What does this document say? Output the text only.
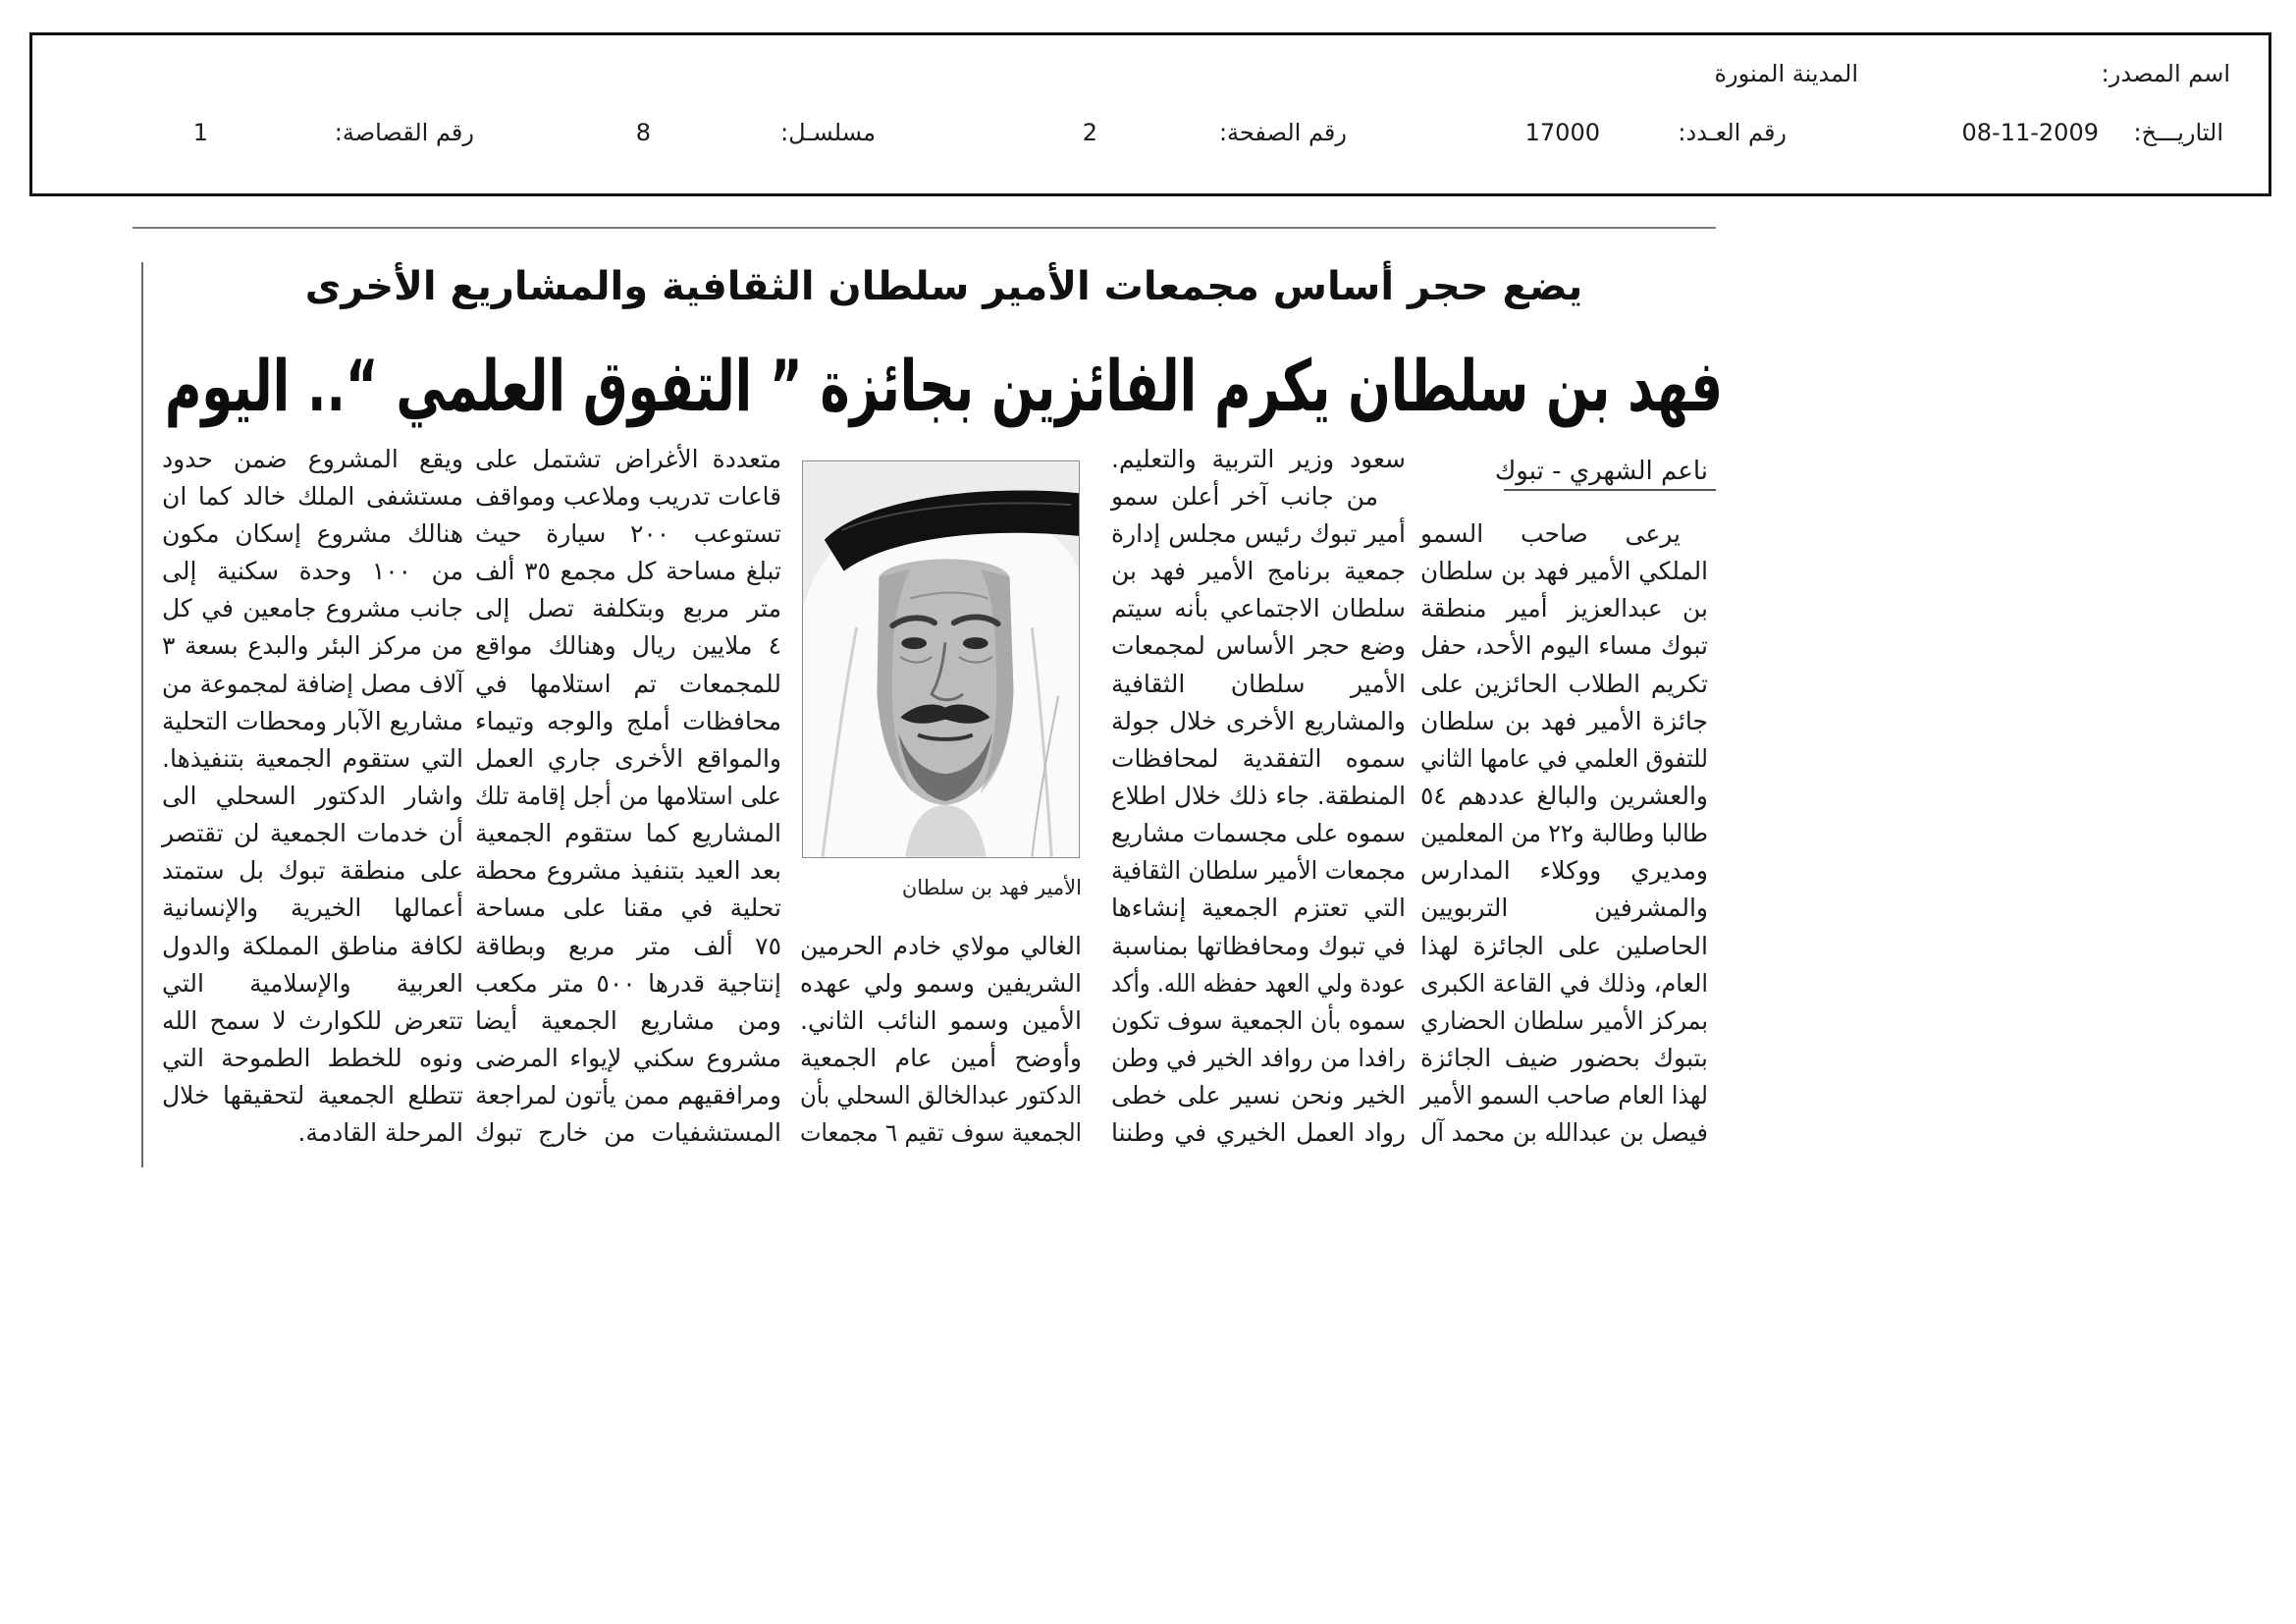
اسم المصدر:
المدينة المنورة
التاريـــخ:
08-11-2009
رقم العـدد:
17000
رقم الصفحة:
2
مسلسـل:
8
رقم القصاصة:
1
يضع حجر أساس مجمعات الأمير سلطان الثقافية والمشاريع الأخرى
فهد بن سلطان يكرم الفائزين بجائزة ” التفوق العلمي “.. اليوم
ناعم الشهري - تبوك
يرعى صاحب السمو
الملكي الأمير فهد بن سلطان
بن عبدالعزيز أمير منطقة
تبوك مساء اليوم الأحد، حفل
تكريم الطلاب الحائزين على
جائزة الأمير فهد بن سلطان
للتفوق العلمي في عامها الثاني
والعشرين والبالغ عددهم ٥٤
طالبا وطالبة و٢٢ من المعلمين
ومديري ووكلاء المدارس
والمشرفين التربويين
الحاصلين على الجائزة لهذا
العام، وذلك في القاعة الكبرى
بمركز الأمير سلطان الحضاري
بتبوك بحضور ضيف الجائزة
لهذا العام صاحب السمو الأمير
فيصل بن عبدالله بن محمد آل
سعود وزير التربية والتعليم.
من جانب آخر أعلن سمو
أمير تبوك رئيس مجلس إدارة
جمعية برنامج الأمير فهد بن
سلطان الاجتماعي بأنه سيتم
وضع حجر الأساس لمجمعات
الأمير سلطان الثقافية
والمشاريع الأخرى خلال جولة
سموه التفقدية لمحافظات
المنطقة. جاء ذلك خلال اطلاع
سموه على مجسمات مشاريع
مجمعات الأمير سلطان الثقافية
التي تعتزم الجمعية إنشاءها
في تبوك ومحافظاتها بمناسبة
عودة ولي العهد حفظه الله. وأكد
سموه بأن الجمعية سوف تكون
رافدا من روافد الخير في وطن
الخير ونحن نسير على خطى
رواد العمل الخيري في وطننا
الغالي مولاي خادم الحرمين
الشريفين وسمو ولي عهده
الأمين وسمو النائب الثاني.
وأوضح أمين عام الجمعية
الدكتور عبدالخالق السحلي بأن
الجمعية سوف تقيم ٦ مجمعات
متعددة الأغراض تشتمل على
قاعات تدريب وملاعب ومواقف
تستوعب ٢٠٠ سيارة حيث
تبلغ مساحة كل مجمع ٣٥ ألف
متر مربع وبتكلفة تصل إلى
٤ ملايين ريال وهنالك مواقع
للمجمعات تم استلامها في
محافظات أملج والوجه وتيماء
والمواقع الأخرى جاري العمل
على استلامها من أجل إقامة تلك
المشاريع كما ستقوم الجمعية
بعد العيد بتنفيذ مشروع محطة
تحلية في مقنا على مساحة
٧٥ ألف متر مربع وبطاقة
إنتاجية قدرها ٥٠٠ متر مكعب
ومن مشاريع الجمعية أيضا
مشروع سكني لإيواء المرضى
ومرافقيهم ممن يأتون لمراجعة
المستشفيات من خارج تبوك
ويقع المشروع ضمن حدود
مستشفى الملك خالد كما ان
هنالك مشروع إسكان مكون
من ١٠٠ وحدة سكنية إلى
جانب مشروع جامعين في كل
من مركز البئر والبدع بسعة ٣
آلاف مصل إضافة لمجموعة من
مشاريع الآبار ومحطات التحلية
التي ستقوم الجمعية بتنفيذها.
واشار الدكتور السحلي الى
أن خدمات الجمعية لن تقتصر
على منطقة تبوك بل ستمتد
أعمالها الخيرية والإنسانية
لكافة مناطق المملكة والدول
العربية والإسلامية التي
تتعرض للكوارث لا سمح الله
ونوه للخطط الطموحة التي
تتطلع الجمعية لتحقيقها خلال
المرحلة القادمة.
الأمير فهد بن سلطان
